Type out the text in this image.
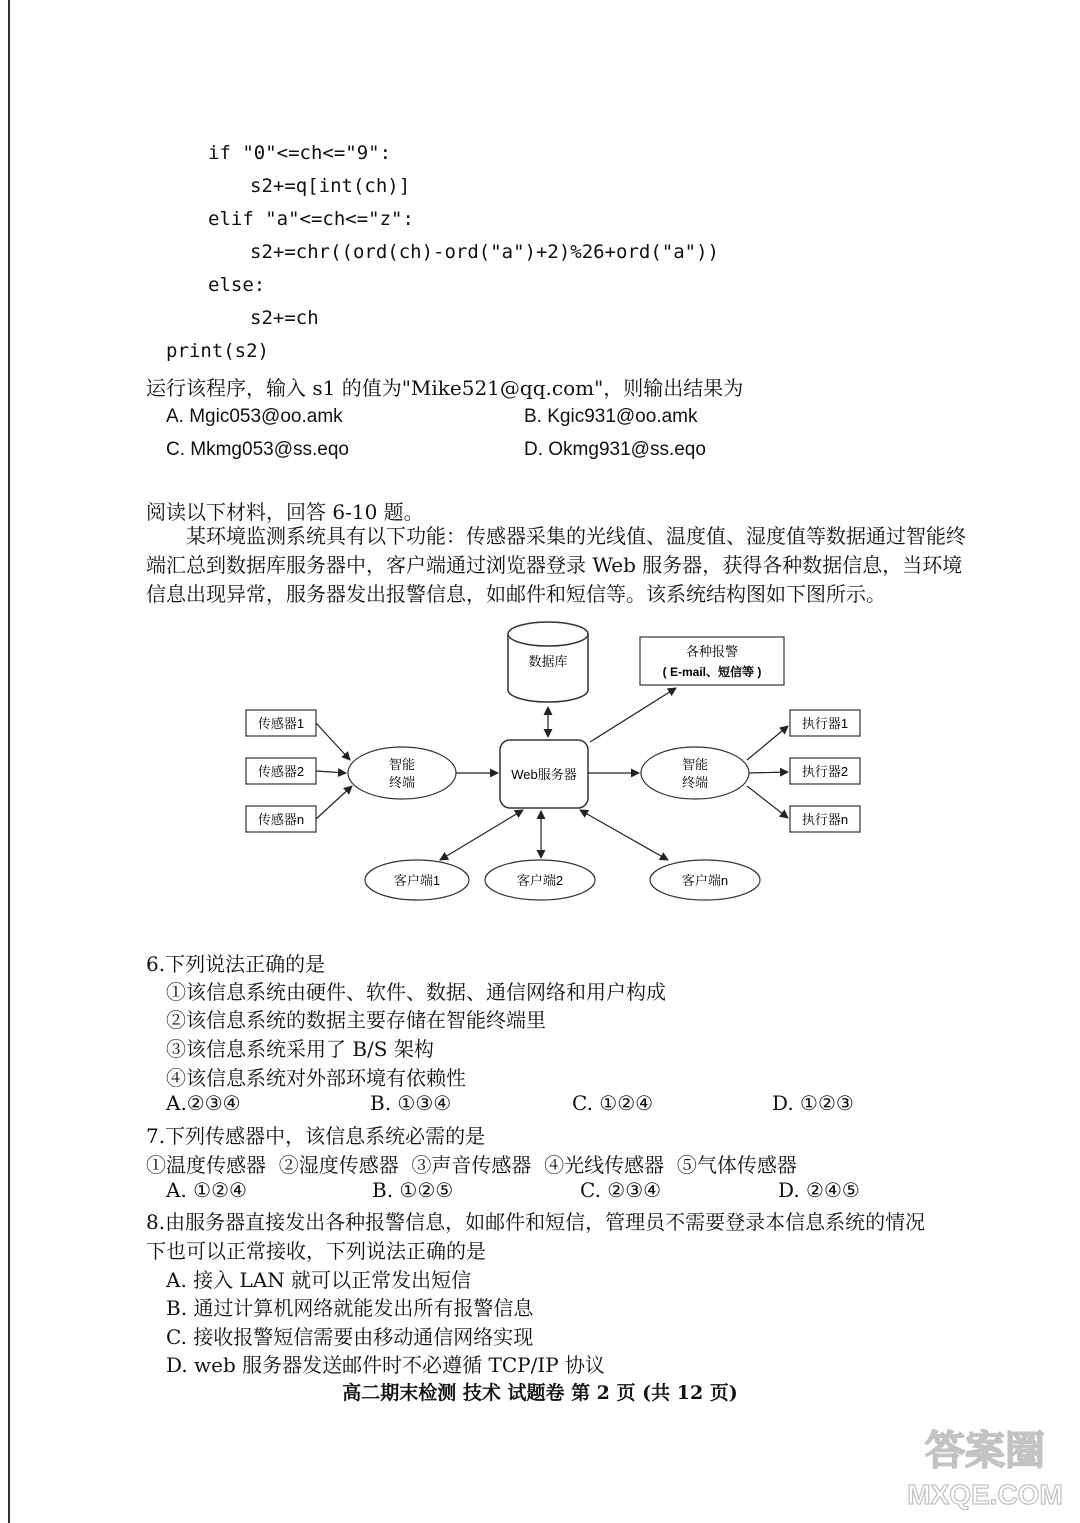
if "0"<=ch<="9":
s2+=q[int(ch)]
elif "a"<=ch<="z":
s2+=chr((ord(ch)-ord("a")+2)%26+ord("a"))
else:
s2+=ch
print(s2)
运行该程序，输入 s1 的值为"Mike521@qq.com"，则输出结果为
A. Mgic053@oo.amk	B. Kgic931@oo.amk
C. Mkmg053@ss.eqo	D. Okmg931@ss.eqo
阅读以下材料，回答 6-10 题。
某环境监测系统具有以下功能：传感器采集的光线值、温度值、湿度值等数据通过智能终端汇总到数据库服务器中，客户端通过浏览器登录 Web 服务器，获得各种数据信息，当环境信息出现异常，服务器发出报警信息，如邮件和短信等。该系统结构图如下图所示。
数据库
各种报警
( E-mail、短信等 )
传感器1
传感器2
传感器n
智能
终端
Web服务器
智能
终端
执行器1
执行器2
执行器n
客户端1	客户端2	客户端n
6.下列说法正确的是
①该信息系统由硬件、软件、数据、通信网络和用户构成
②该信息系统的数据主要存储在智能终端里
③该信息系统采用了 B/S 架构
④该信息系统对外部环境有依赖性
A.②③④	B. ①③④	C. ①②④	D. ①②③
7.下列传感器中，该信息系统必需的是
①温度传感器  ②湿度传感器  ③声音传感器  ④光线传感器  ⑤气体传感器
A. ①②④	B. ①②⑤	C. ②③④	D. ②④⑤
8.由服务器直接发出各种报警信息，如邮件和短信，管理员不需要登录本信息系统的情况
下也可以正常接收，下列说法正确的是
A. 接入 LAN 就可以正常发出短信
B. 通过计算机网络就能发出所有报警信息
C. 接收报警短信需要由移动通信网络实现
D. web 服务器发送邮件时不必遵循 TCP/IP 协议
高二期末检测 技术 试题卷 第 2 页 (共 12 页)
答案圈
MXQE.COM
